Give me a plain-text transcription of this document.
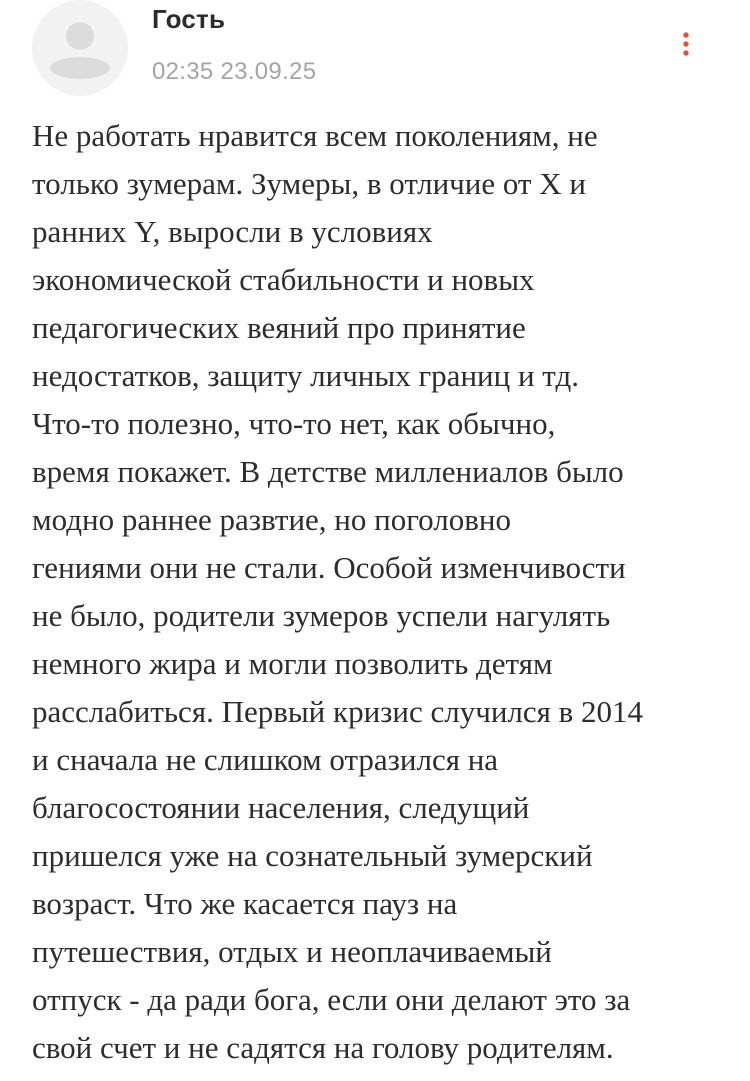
Гость
02:35 23.09.25

Не работать нравится всем поколениям, не
только зумерам. Зумеры, в отличие от X и
ранних Y, выросли в условиях
экономической стабильности и новых
педагогических веяний про принятие
недостатков, защиту личных границ и тд.
Что-то полезно, что-то нет, как обычно,
время покажет. В детстве миллениалов было
модно раннее развтие, но поголовно
гениями они не стали. Особой изменчивости
не было, родители зумеров успели нагулять
немного жира и могли позволить детям
расслабиться. Первый кризис случился в 2014
и сначала не слишком отразился на
благосостоянии населения, следущий
пришелся уже на сознательный зумерский
возраст. Что же касается пауз на
путешествия, отдых и неоплачиваемый
отпуск - да ради бога, если они делают это за
свой счет и не садятся на голову родителям.
